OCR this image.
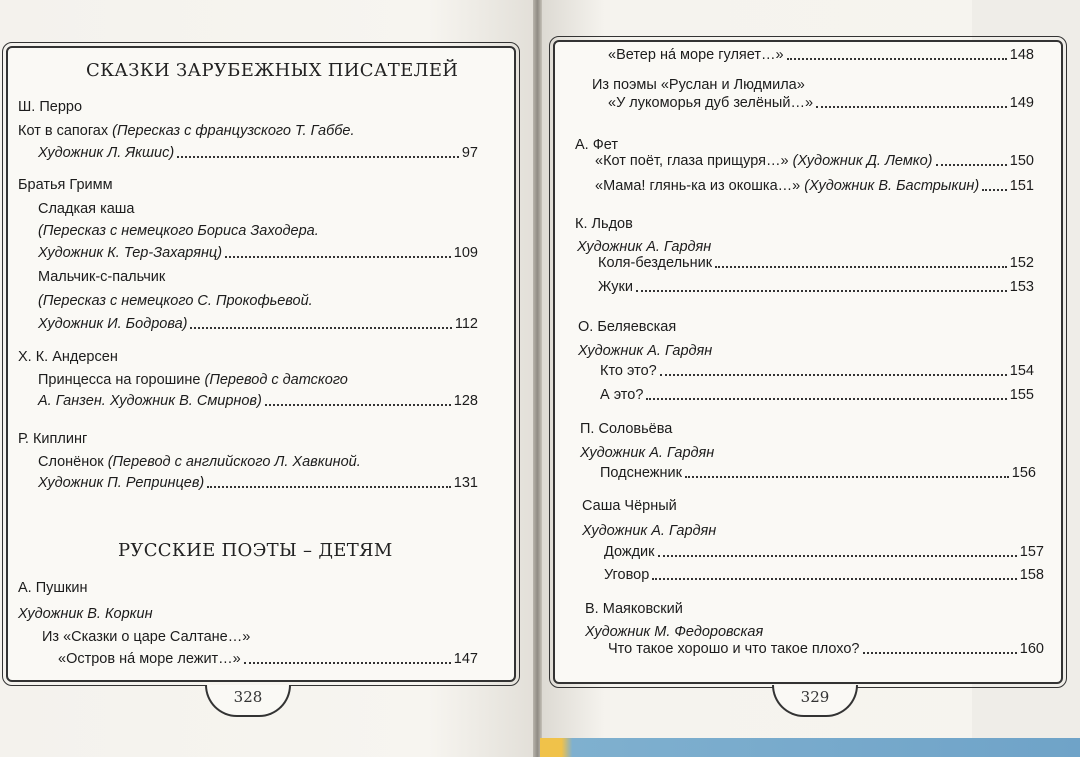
СКАЗКИ ЗАРУБЕЖНЫХ ПИСАТЕЛЕЙ
Ш. Перро
Кот в сапогах (Пересказ с французского Т. Габбе.
Художник Л. Якшис)	97
Братья Гримм
Сладкая каша
(Пересказ с немецкого Бориса Заходера.
Художник К. Тер-Захарянц)	109
Мальчик-с-пальчик
(Пересказ с немецкого С. Прокофьевой.
Художник И. Бодрова)	112
Х. К. Андерсен
Принцесса на горошине (Перевод с датского
А. Ганзен. Художник В. Смирнов)	128
Р. Киплинг
Слонёнок (Перевод с английского Л. Хавкиной.
Художник П. Репринцев)	131
РУССКИЕ ПОЭТЫ – ДЕТЯМ
А. Пушкин
Художник В. Коркин
Из «Сказки о царе Салтане…»
«Остров нá море лежит…»	147
328
«Ветер нá море гуляет…»	148
Из поэмы «Руслан и Людмила»
«У лукоморья дуб зелёный…»	149
А. Фет
«Кот поёт, глаза прищуря…» (Художник Д. Лемко)	150
«Мама! глянь-ка из окошка…» (Художник В. Бастрыкин) 151
К. Льдов
Художник А. Гардян
Коля-бездельник	152
Жуки	153
О. Беляевская
Художник А. Гардян
Кто это?	154
А это?	155
П. Соловьёва
Художник А. Гардян
Подснежник	156
Саша Чёрный
Художник А. Гардян
Дождик	157
Уговор	158
В. Маяковский
Художник М. Федоровская
Что такое хорошо и что такое плохо?	160
329
